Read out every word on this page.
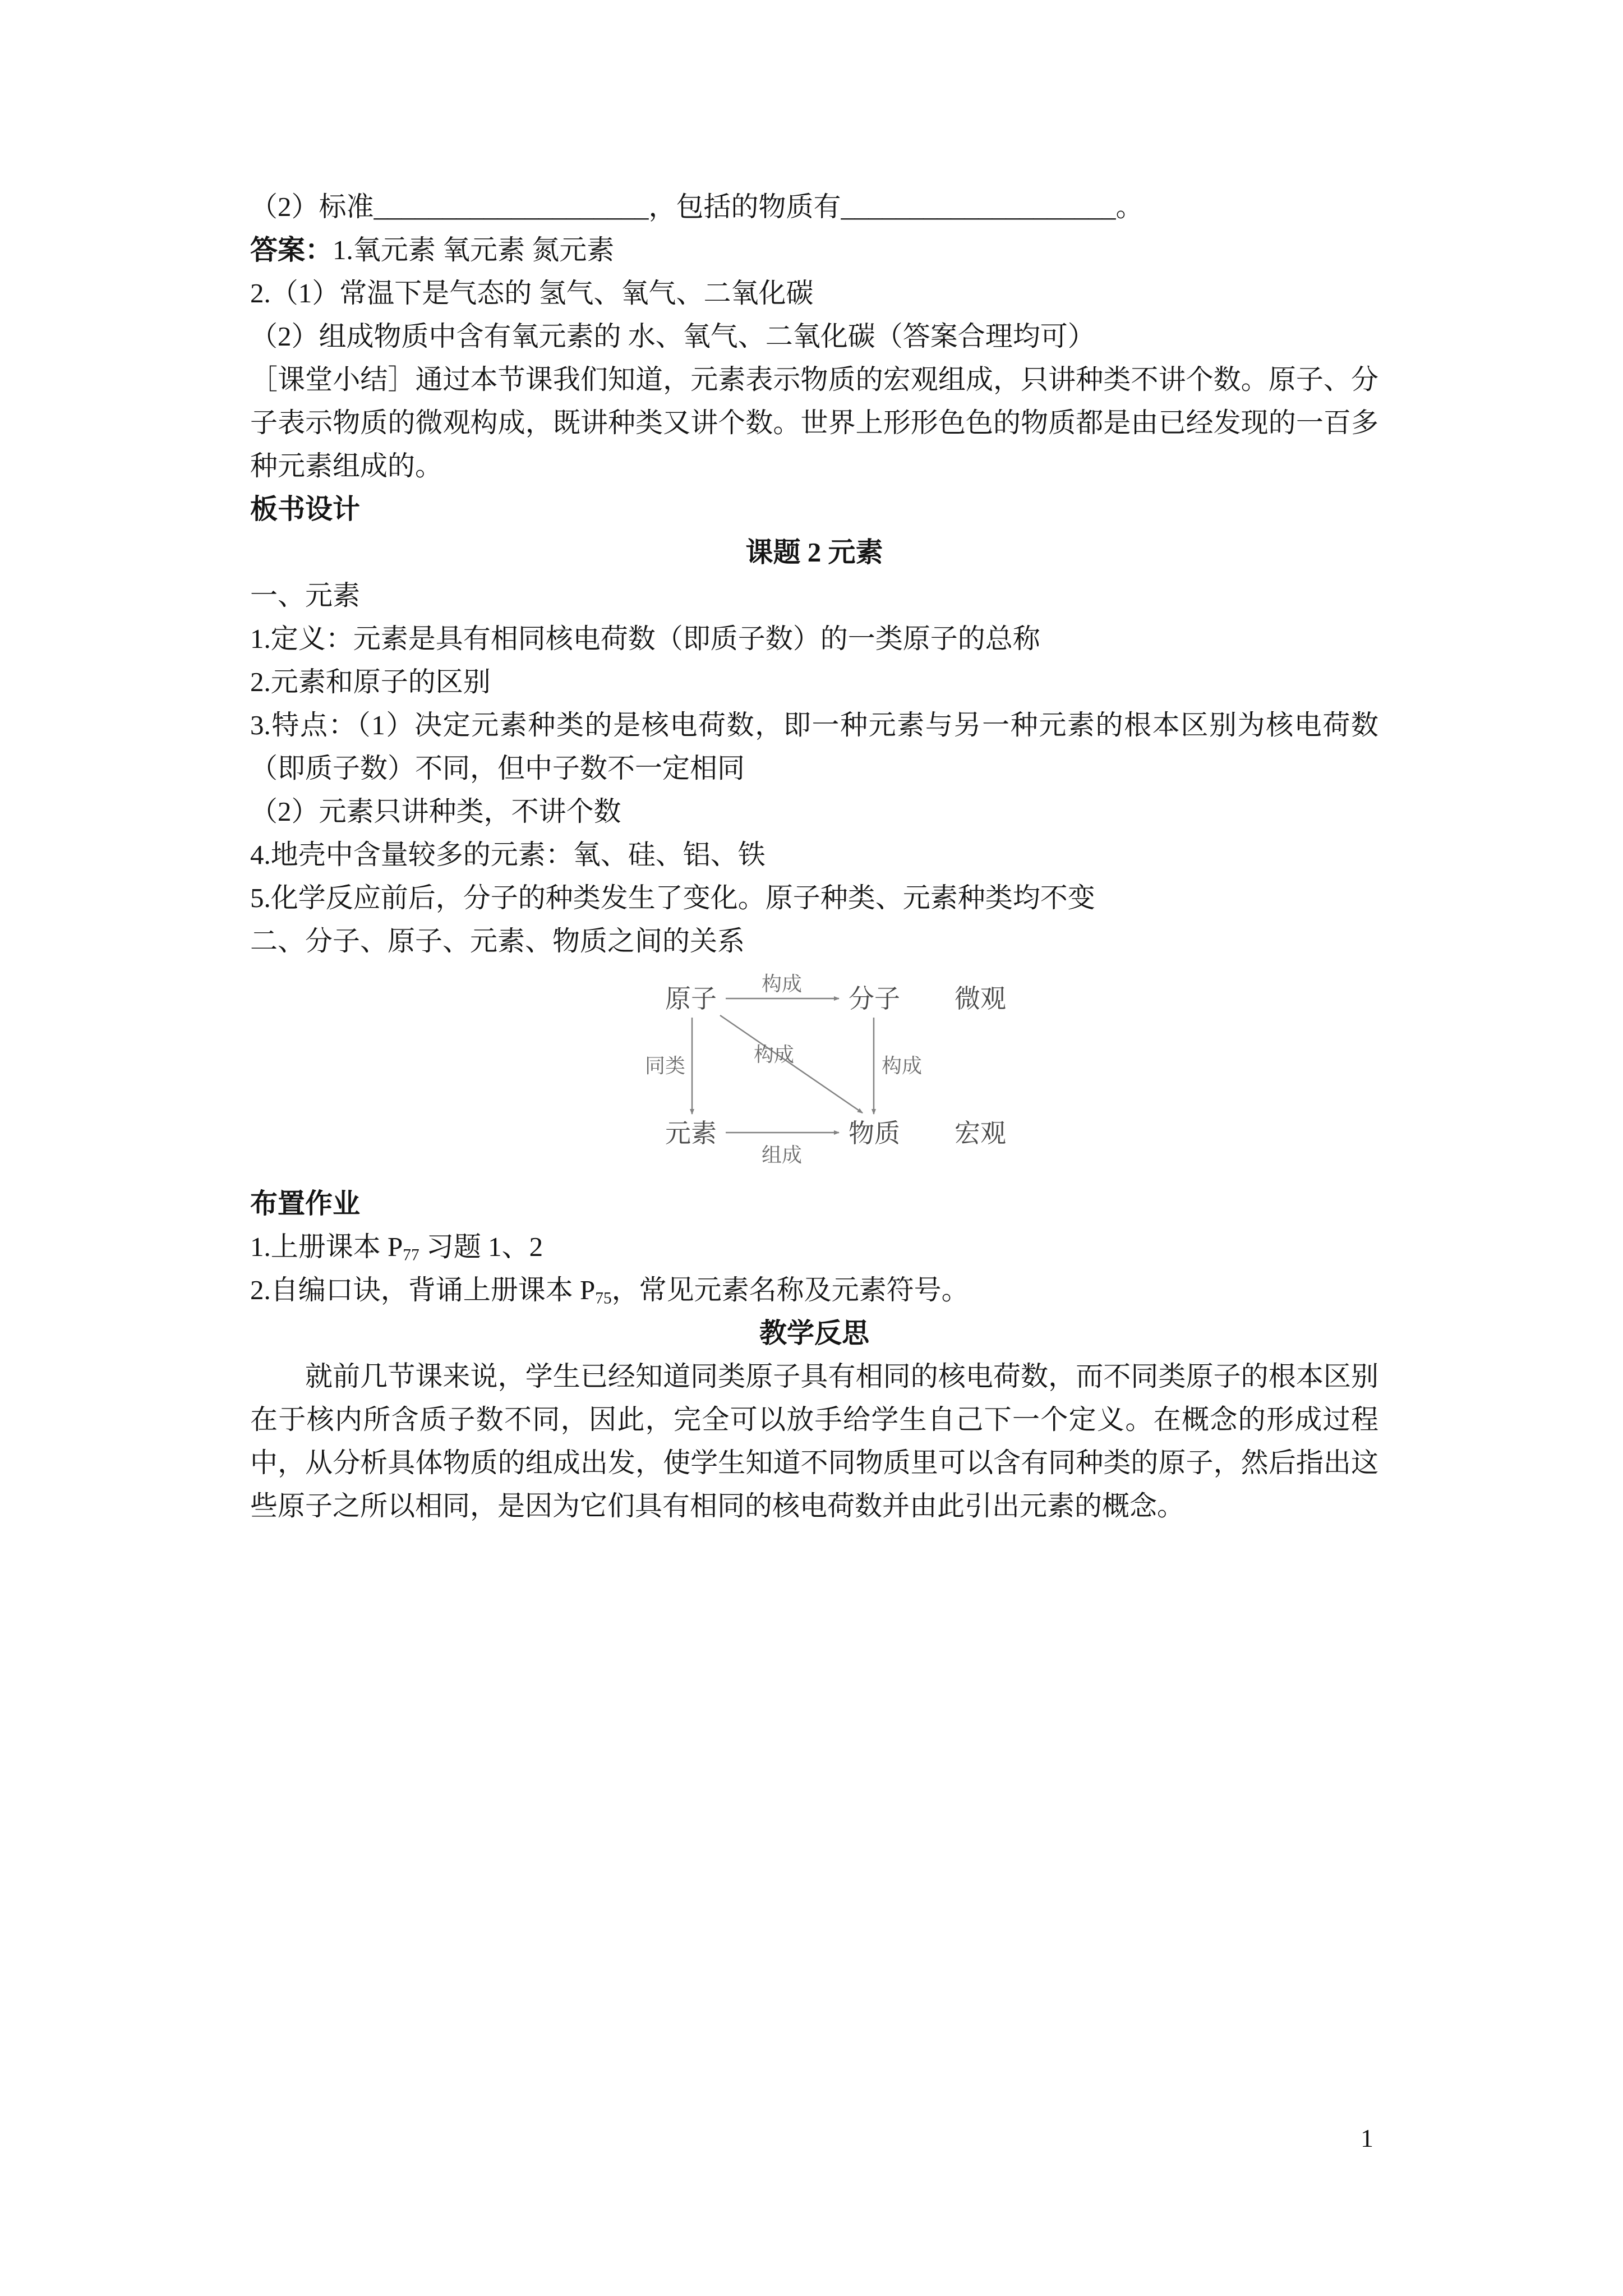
（2）标准____________________，包括的物质有____________________。

答案：1.氧元素 氧元素 氮元素

2.（1）常温下是气态的 氢气、氧气、二氧化碳

（2）组成物质中含有氧元素的 水、氧气、二氧化碳（答案合理均可）

［课堂小结］通过本节课我们知道，元素表示物质的宏观组成，只讲种类不讲个数。原子、分子表示物质的微观构成，既讲种类又讲个数。世界上形形色色的物质都是由已经发现的一百多种元素组成的。

板书设计

课题 2 元素

一、元素

1.定义：元素是具有相同核电荷数（即质子数）的一类原子的总称

2.元素和原子的区别

3.特点：（1）决定元素种类的是核电荷数，即一种元素与另一种元素的根本区别为核电荷数（即质子数）不同，但中子数不一定相同

（2）元素只讲种类，不讲个数

4.地壳中含量较多的元素：氧、硅、铝、铁

5.化学反应前后，分子的种类发生了变化。原子种类、元素种类均不变

二、分子、原子、元素、物质之间的关系

原子	分子 微观
元素	物质 宏观
构成
同类	构成	构成
组成

布置作业

1.上册课本 $P_{77}$ 习题 1、2

2.自编口诀，背诵上册课本 $P_{75}$，常见元素名称及元素符号。

教学反思

就前几节课来说，学生已经知道同类原子具有相同的核电荷数，而不同类原子的根本区别在于核内所含质子数不同，因此，完全可以放手给学生自己下一个定义。在概念的形成过程中，从分析具体物质的组成出发，使学生知道不同物质里可以含有同种类的原子，然后指出这些原子之所以相同，是因为它们具有相同的核电荷数并由此引出元素的概念。

1
